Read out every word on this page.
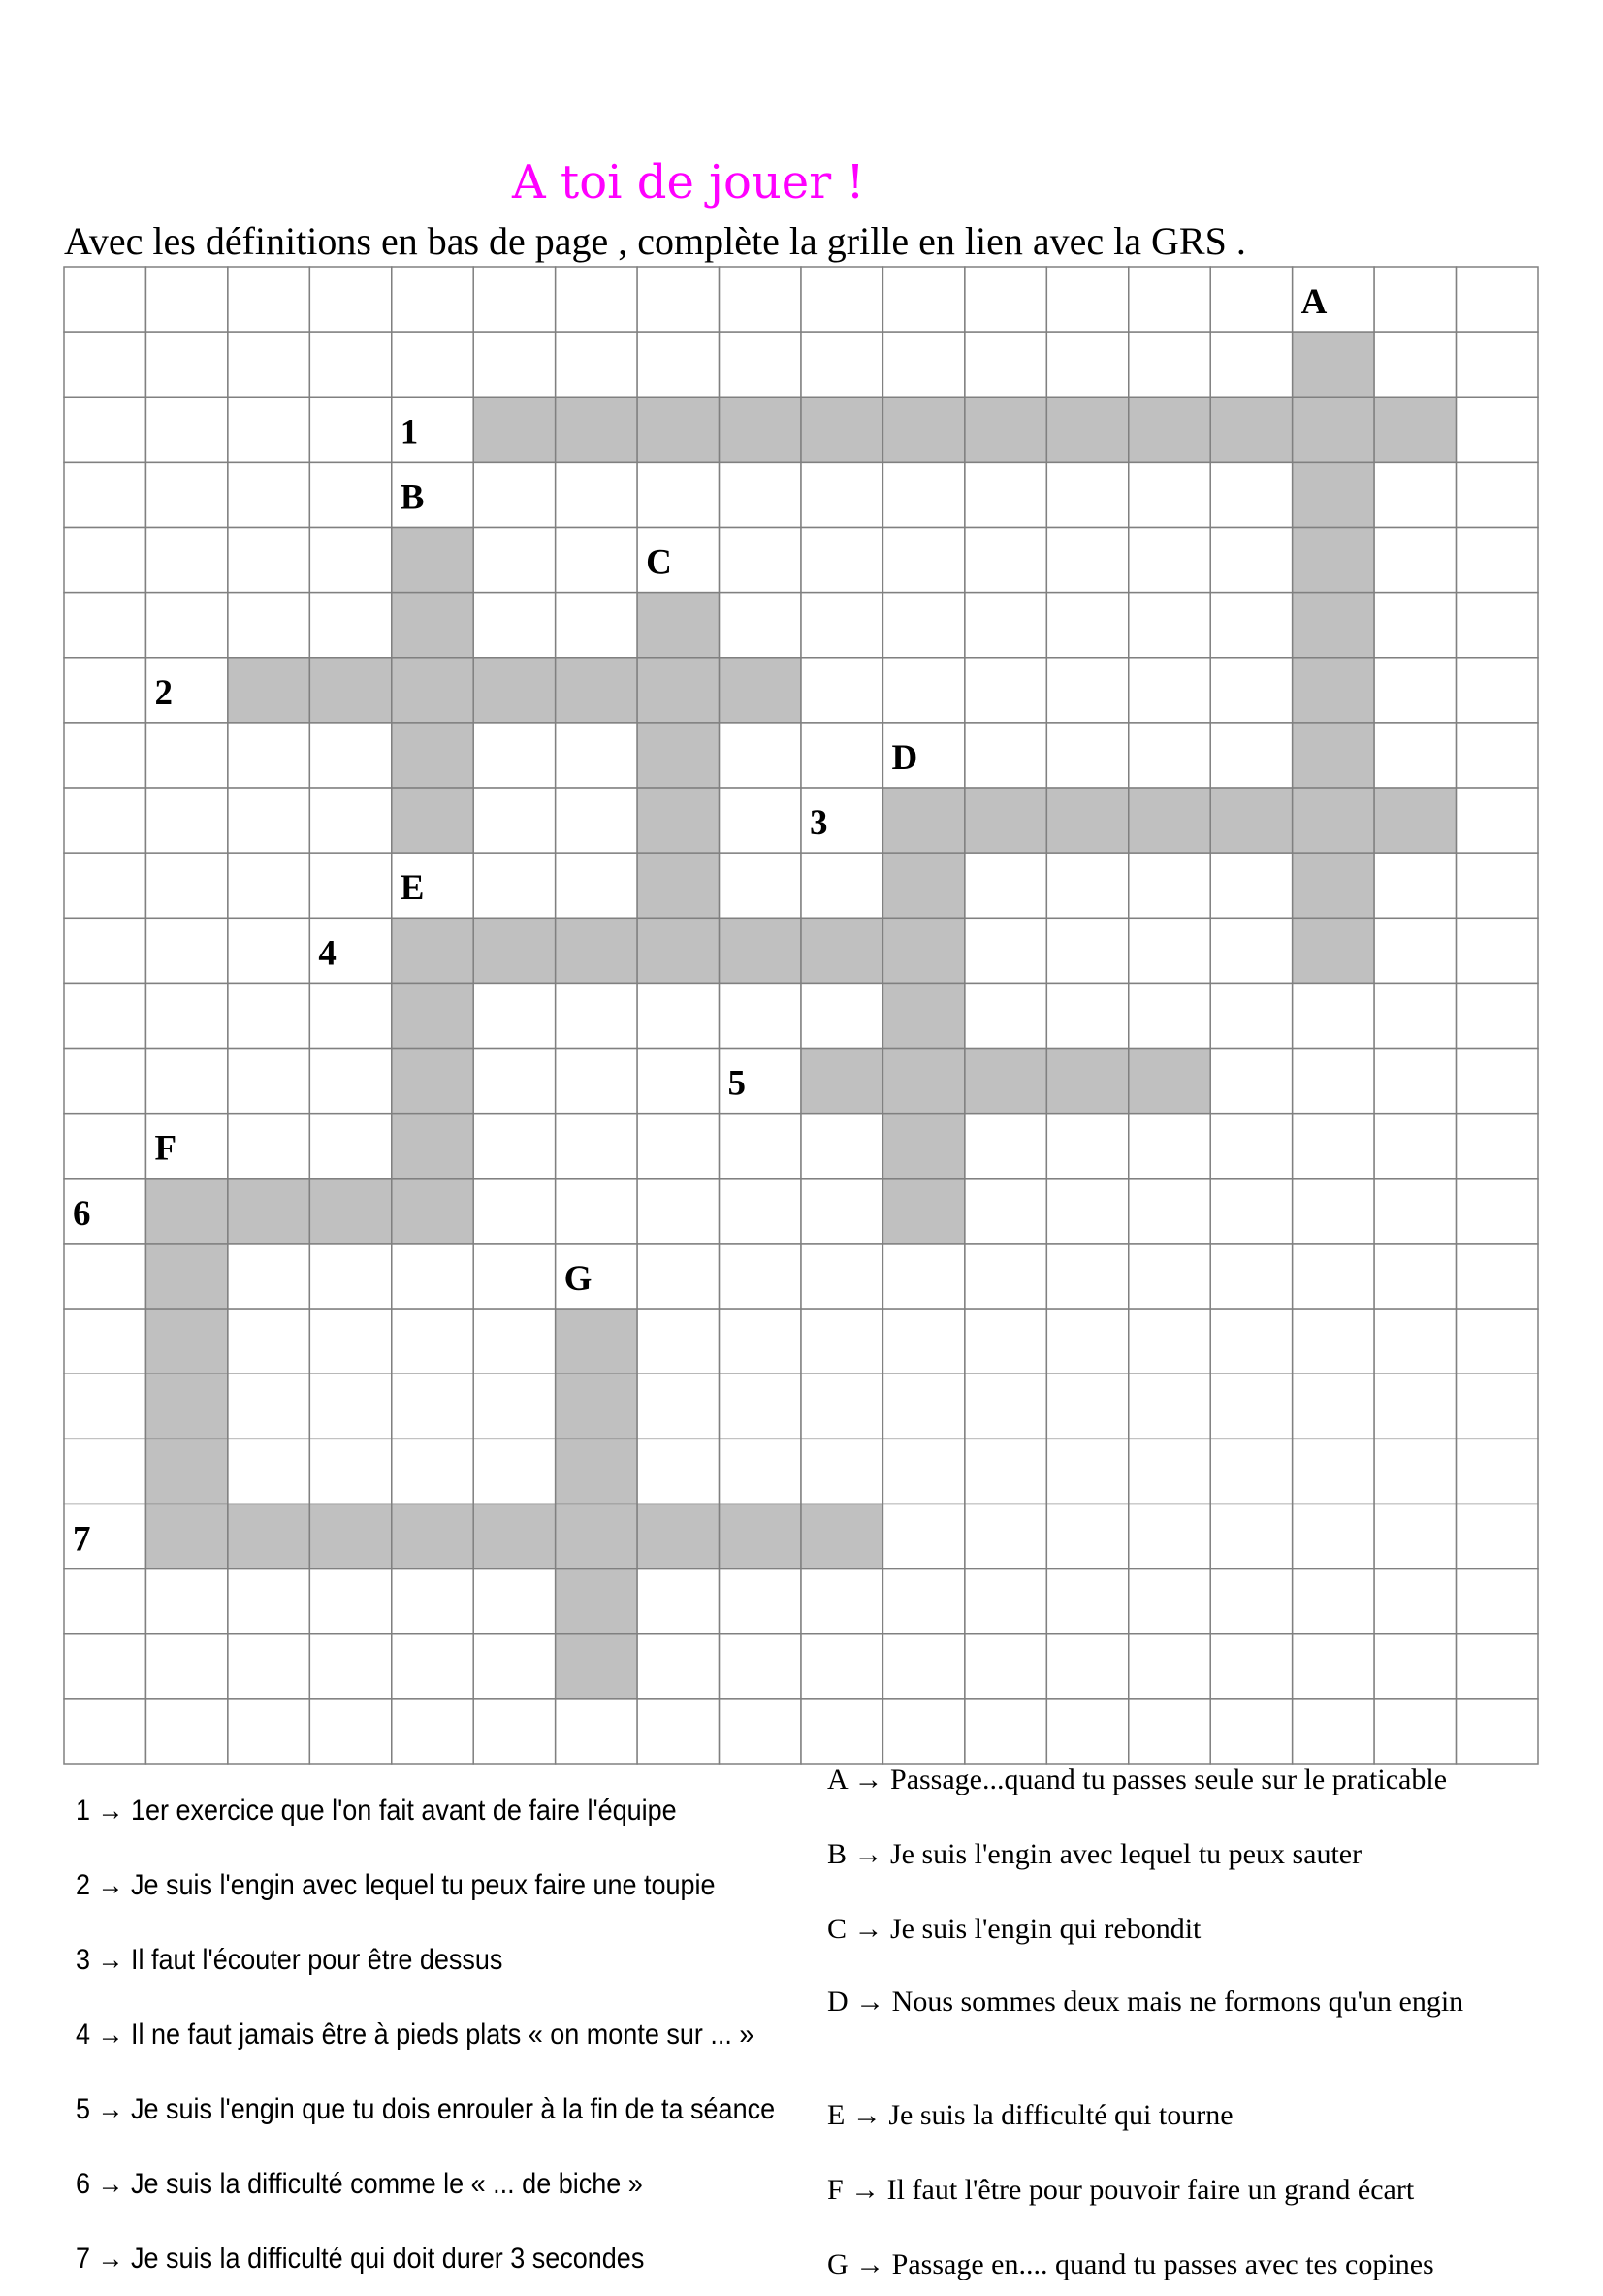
A toi de jouer !
Avec les définitions en bas de page , complète la grille en lien avec la GRS .
A
1
B
C
2
D
3
E
4
5
F
6
G
7
1 → 1er exercice que l'on fait avant de faire l'équipe
2 → Je suis l'engin avec lequel tu peux faire une toupie
3 → Il faut l'écouter pour être dessus
4 → Il ne faut jamais être à pieds plats « on monte sur ... »
5 → Je suis l'engin que tu dois enrouler à la fin de ta séance
6 → Je suis la difficulté comme le « ... de biche »
7 → Je suis la difficulté qui doit durer 3 secondes
A → Passage...quand tu passes seule sur le praticable
B → Je suis l'engin avec lequel tu peux sauter
C → Je suis l'engin qui rebondit
D → Nous sommes deux mais ne formons qu'un engin
E → Je suis la difficulté qui tourne
F → Il faut l'être pour pouvoir faire un grand écart
G → Passage en.... quand tu passes avec tes copines
